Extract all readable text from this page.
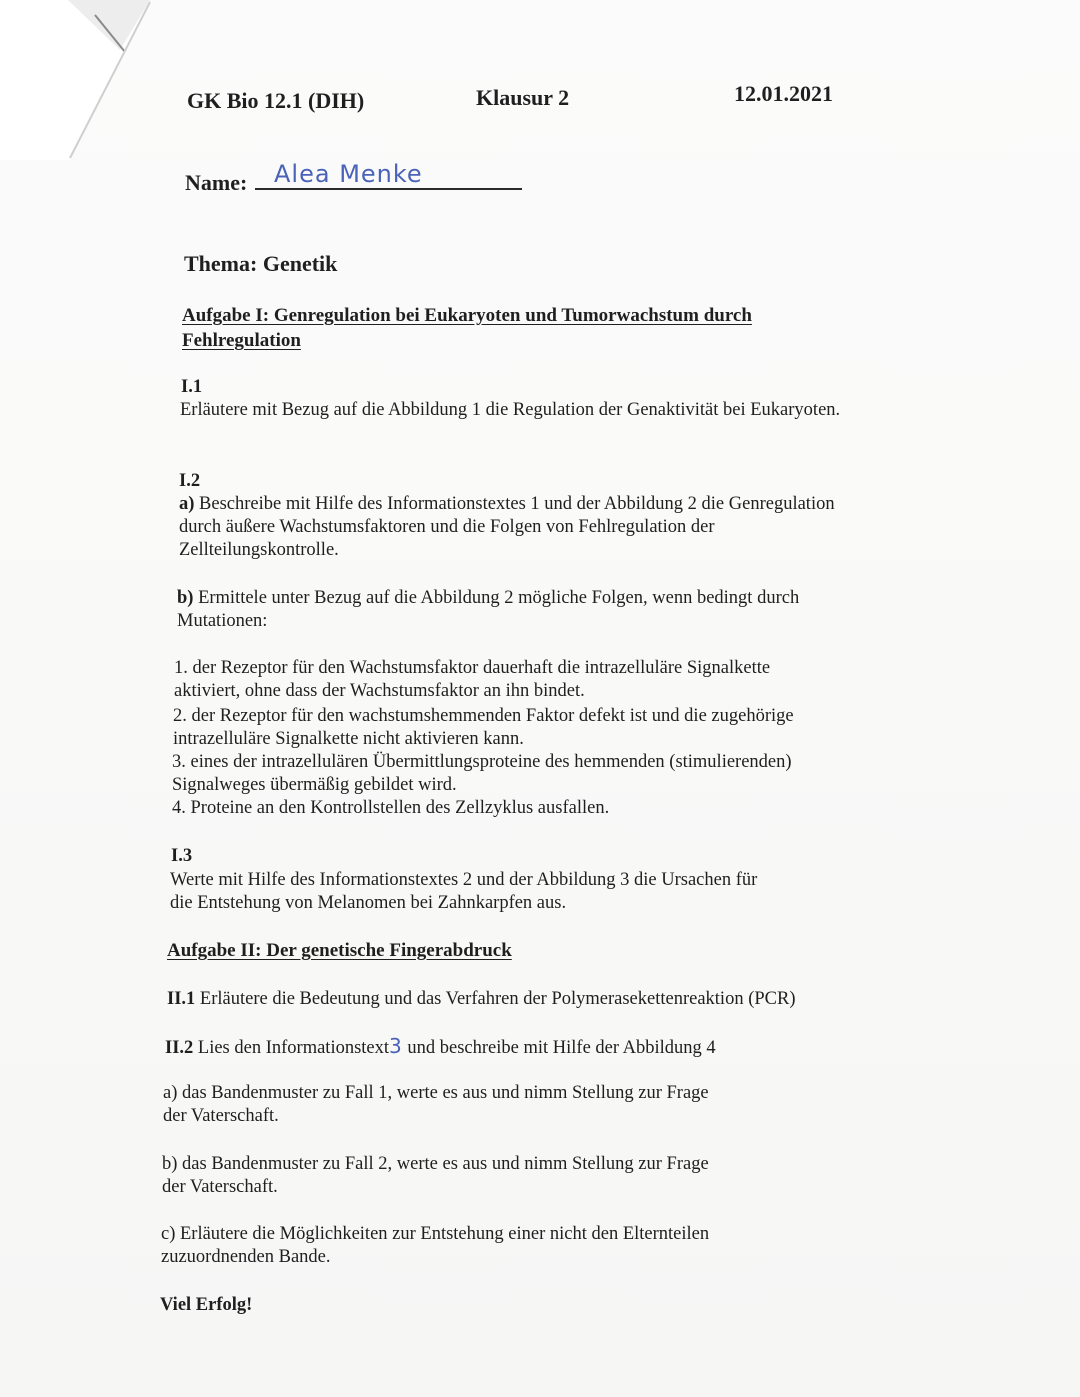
GK Bio 12.1 (DIH)	Klausur 2	12.01.2021
Name: Alea Menke
Thema: Genetik
Aufgabe I: Genregulation bei Eukaryoten und Tumorwachstum durch
Fehlregulation
I.1
Erläutere mit Bezug auf die Abbildung 1 die Regulation der Genaktivität bei Eukaryoten.
I.2
a) Beschreibe mit Hilfe des Informationstextes 1 und der Abbildung 2 die Genregulation
durch äußere Wachstumsfaktoren und die Folgen von Fehlregulation der
Zellteilungskontrolle.
b) Ermittele unter Bezug auf die Abbildung 2 mögliche Folgen, wenn bedingt durch
Mutationen:
1. der Rezeptor für den Wachstumsfaktor dauerhaft die intrazelluläre Signalkette
aktiviert, ohne dass der Wachstumsfaktor an ihn bindet.
2. der Rezeptor für den wachstumshemmenden Faktor defekt ist und die zugehörige
intrazelluläre Signalkette nicht aktivieren kann.
3. eines der intrazellulären Übermittlungsproteine des hemmenden (stimulierenden)
Signalweges übermäßig gebildet wird.
4. Proteine an den Kontrollstellen des Zellzyklus ausfallen.
I.3
Werte mit Hilfe des Informationstextes 2 und der Abbildung 3 die Ursachen für
die Entstehung von Melanomen bei Zahnkarpfen aus.
Aufgabe II: Der genetische Fingerabdruck
II.1 Erläutere die Bedeutung und das Verfahren der Polymerasekettenreaktion (PCR)
II.2 Lies den Informationstext3 und beschreibe mit Hilfe der Abbildung 4
a) das Bandenmuster zu Fall 1, werte es aus und nimm Stellung zur Frage
der Vaterschaft.
b) das Bandenmuster zu Fall 2, werte es aus und nimm Stellung zur Frage
der Vaterschaft.
c) Erläutere die Möglichkeiten zur Entstehung einer nicht den Elternteilen
zuzuordnenden Bande.
Viel Erfolg!
